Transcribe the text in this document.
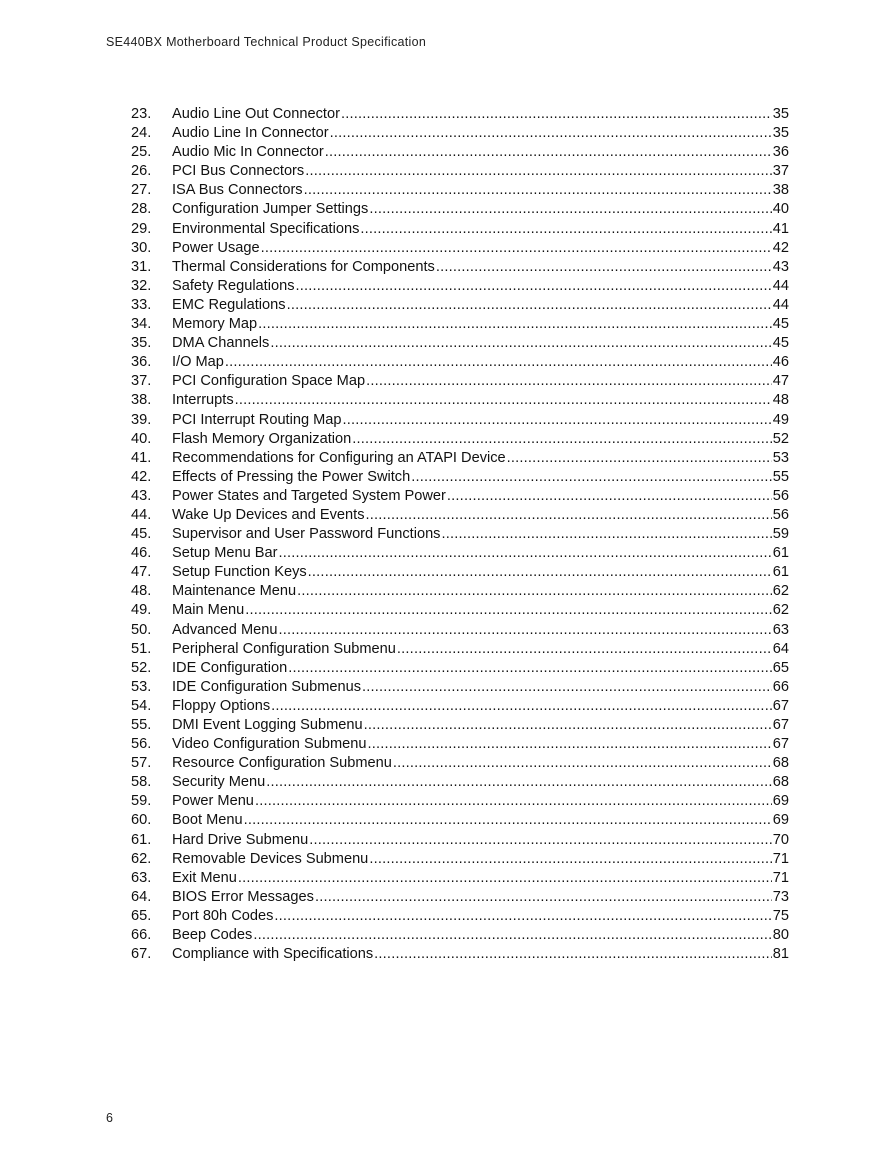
SE440BX Motherboard Technical Product Specification
23.	Audio Line Out Connector .....	35
24.	Audio Line In Connector .....	35
25.	Audio Mic In Connector .....	36
26.	PCI Bus Connectors .....	37
27.	ISA Bus Connectors .....	38
28.	Configuration Jumper Settings .....	40
29.	Environmental Specifications .....	41
30.	Power Usage .....	42
31.	Thermal Considerations for Components .....	43
32.	Safety Regulations .....	44
33.	EMC Regulations .....	44
34.	Memory Map .....	45
35.	DMA Channels .....	45
36.	I/O Map .....	46
37.	PCI Configuration Space Map .....	47
38.	Interrupts .....	48
39.	PCI Interrupt Routing Map .....	49
40.	Flash Memory Organization .....	52
41.	Recommendations for Configuring an ATAPI Device .....	53
42.	Effects of Pressing the Power Switch .....	55
43.	Power States and Targeted System Power .....	56
44.	Wake Up Devices and Events .....	56
45.	Supervisor and User Password Functions .....	59
46.	Setup Menu Bar .....	61
47.	Setup Function Keys .....	61
48.	Maintenance Menu .....	62
49.	Main Menu .....	62
50.	Advanced Menu .....	63
51.	Peripheral Configuration Submenu .....	64
52.	IDE Configuration .....	65
53.	IDE Configuration Submenus .....	66
54.	Floppy Options .....	67
55.	DMI Event Logging Submenu .....	67
56.	Video Configuration Submenu .....	67
57.	Resource Configuration Submenu .....	68
58.	Security Menu .....	68
59.	Power Menu .....	69
60.	Boot Menu .....	69
61.	Hard Drive Submenu .....	70
62.	Removable Devices Submenu .....	71
63.	Exit Menu .....	71
64.	BIOS Error Messages .....	73
65.	Port 80h Codes .....	75
66.	Beep Codes .....	80
67.	Compliance with Specifications .....	81
6
